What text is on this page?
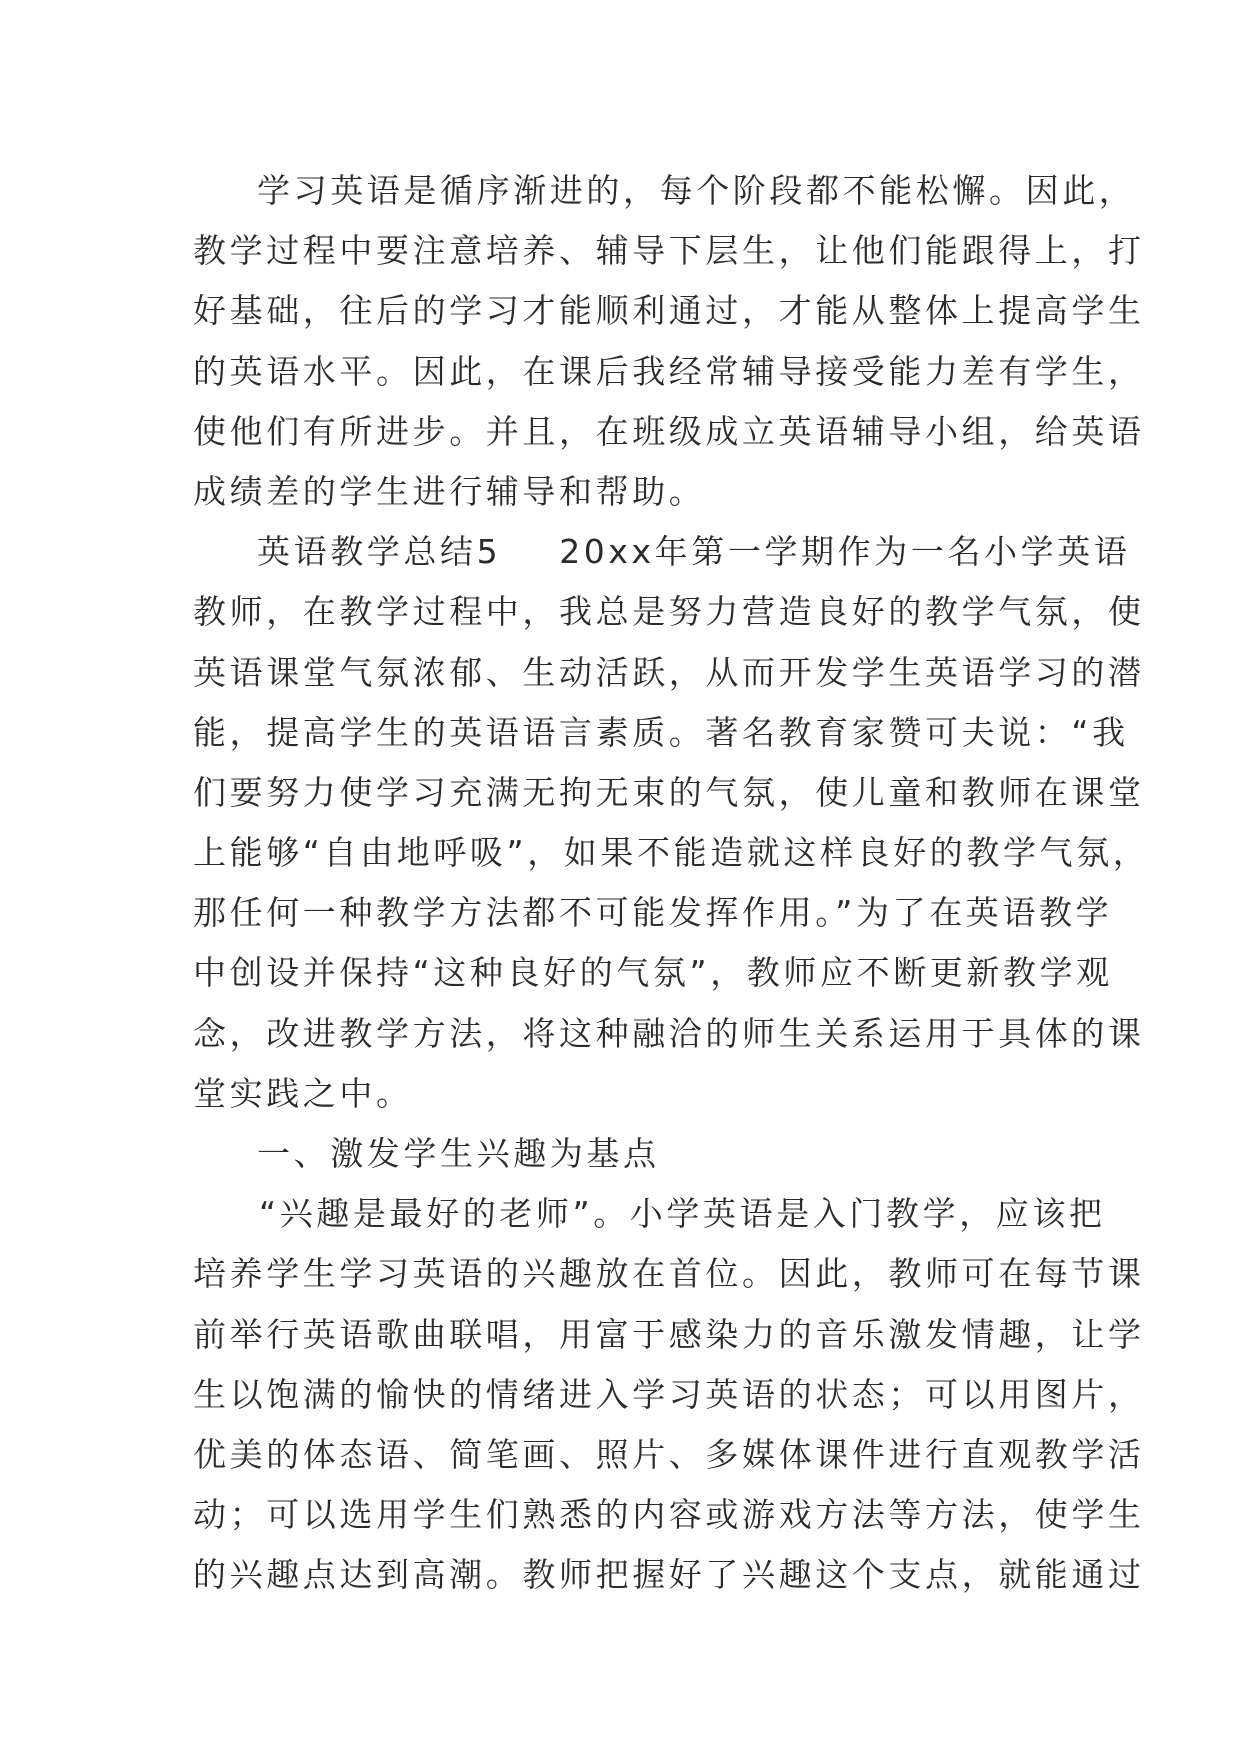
学习英语是循序渐进的，每个阶段都不能松懈。因此，
教学过程中要注意培养、辅导下层生，让他们能跟得上，打
好基础，往后的学习才能顺利通过，才能从整体上提高学生
的英语水平。因此，在课后我经常辅导接受能力差有学生，
使他们有所进步。并且，在班级成立英语辅导小组，给英语
成绩差的学生进行辅导和帮助。
英语教学总结5 20xx年第一学期作为一名小学英语
教师，在教学过程中，我总是努力营造良好的教学气氛，使
英语课堂气氛浓郁、生动活跃，从而开发学生英语学习的潜
能，提高学生的英语语言素质。著名教育家赞可夫说：“我
们要努力使学习充满无拘无束的气氛，使儿童和教师在课堂
上能够“自由地呼吸”，如果不能造就这样良好的教学气氛，
那任何一种教学方法都不可能发挥作用。”为了在英语教学
中创设并保持“这种良好的气氛”，教师应不断更新教学观
念，改进教学方法，将这种融洽的师生关系运用于具体的课
堂实践之中。
一、激发学生兴趣为基点
“兴趣是最好的老师”。小学英语是入门教学，应该把
培养学生学习英语的兴趣放在首位。因此，教师可在每节课
前举行英语歌曲联唱，用富于感染力的音乐激发情趣，让学
生以饱满的愉快的情绪进入学习英语的状态；可以用图片，
优美的体态语、简笔画、照片、多媒体课件进行直观教学活
动；可以选用学生们熟悉的内容或游戏方法等方法，使学生
的兴趣点达到高潮。教师把握好了兴趣这个支点，就能通过
